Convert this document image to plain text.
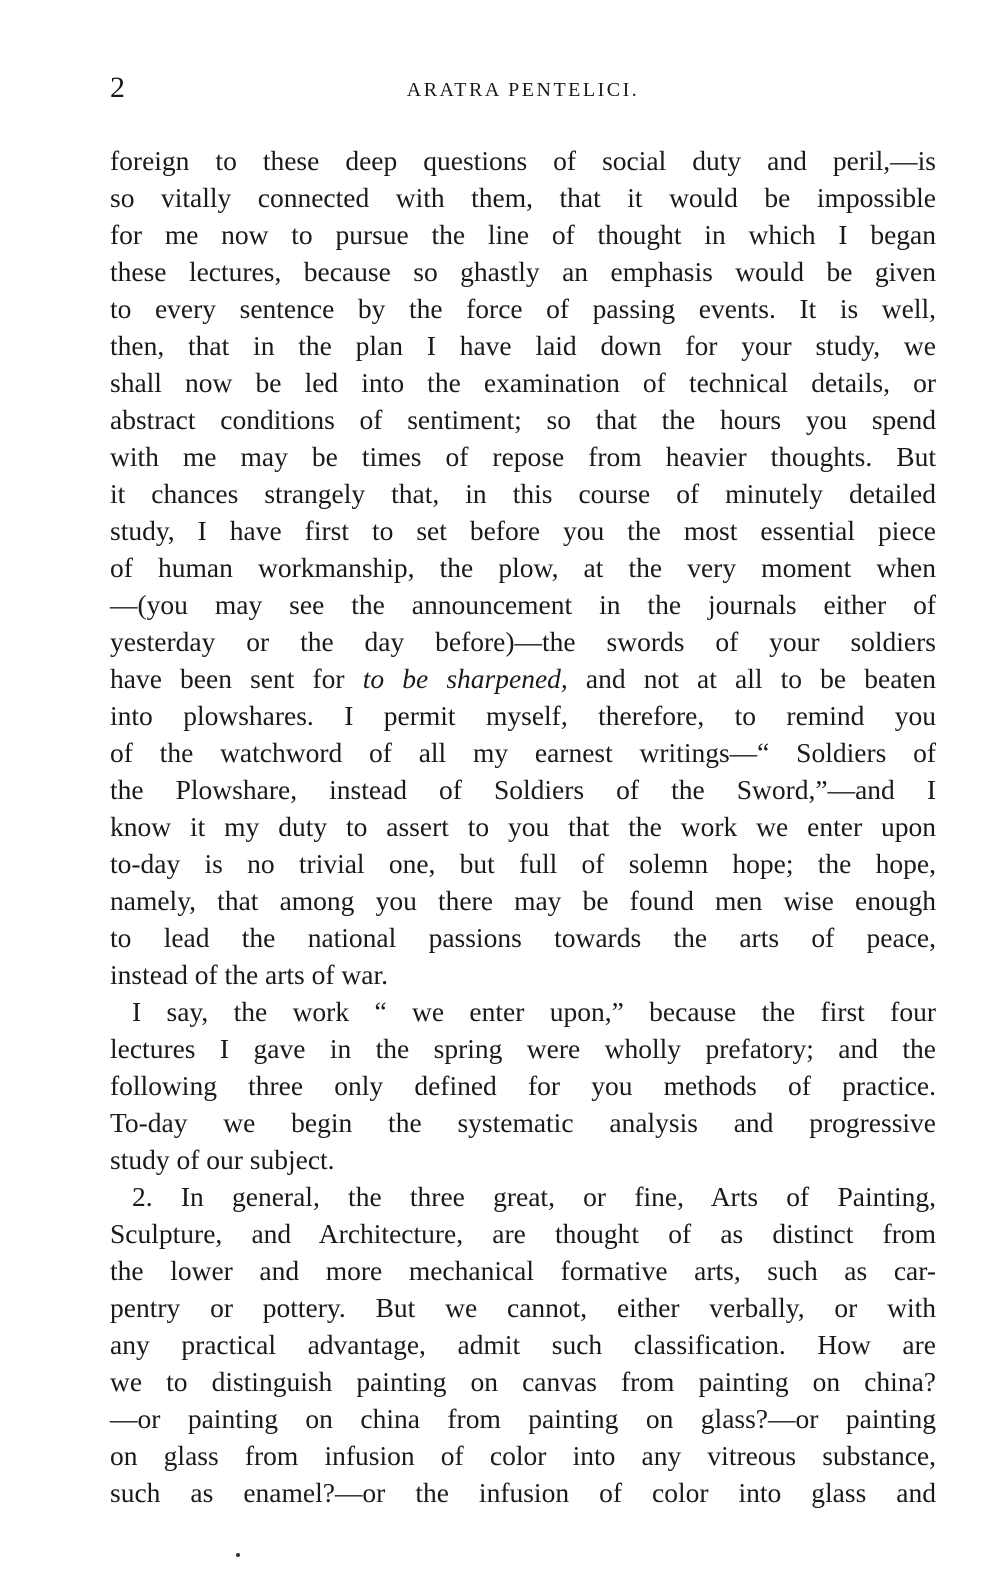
2	ARATRA PENTELICI.
foreign to these deep questions of social duty and peril,—is
so vitally connected with them, that it would be impossible
for me now to pursue the line of thought in which I began
these lectures, because so ghastly an emphasis would be given
to every sentence by the force of passing events. It is well,
then, that in the plan I have laid down for your study, we
shall now be led into the examination of technical details, or
abstract conditions of sentiment; so that the hours you spend
with me may be times of repose from heavier thoughts. But
it chances strangely that, in this course of minutely detailed
study, I have first to set before you the most essential piece
of human workmanship, the plow, at the very moment when
—(you may see the announcement in the journals either of
yesterday or the day before)—the swords of your soldiers
have been sent for to be sharpened, and not at all to be beaten
into plowshares. I permit myself, therefore, to remind you
of the watchword of all my earnest writings—“ Soldiers of
the Plowshare, instead of Soldiers of the Sword,”—and I
know it my duty to assert to you that the work we enter upon
to-day is no trivial one, but full of solemn hope; the hope,
namely, that among you there may be found men wise enough
to lead the national passions towards the arts of peace,
instead of the arts of war.
I say, the work “ we enter upon,” because the first four
lectures I gave in the spring were wholly prefatory; and the
following three only defined for you methods of practice.
To-day we begin the systematic analysis and progressive
study of our subject.
2. In general, the three great, or fine, Arts of Painting,
Sculpture, and Architecture, are thought of as distinct from
the lower and more mechanical formative arts, such as car-
pentry or pottery. But we cannot, either verbally, or with
any practical advantage, admit such classification. How are
we to distinguish painting on canvas from painting on china?
—or painting on china from painting on glass?—or painting
on glass from infusion of color into any vitreous substance,
such as enamel?—or the infusion of color into glass and
